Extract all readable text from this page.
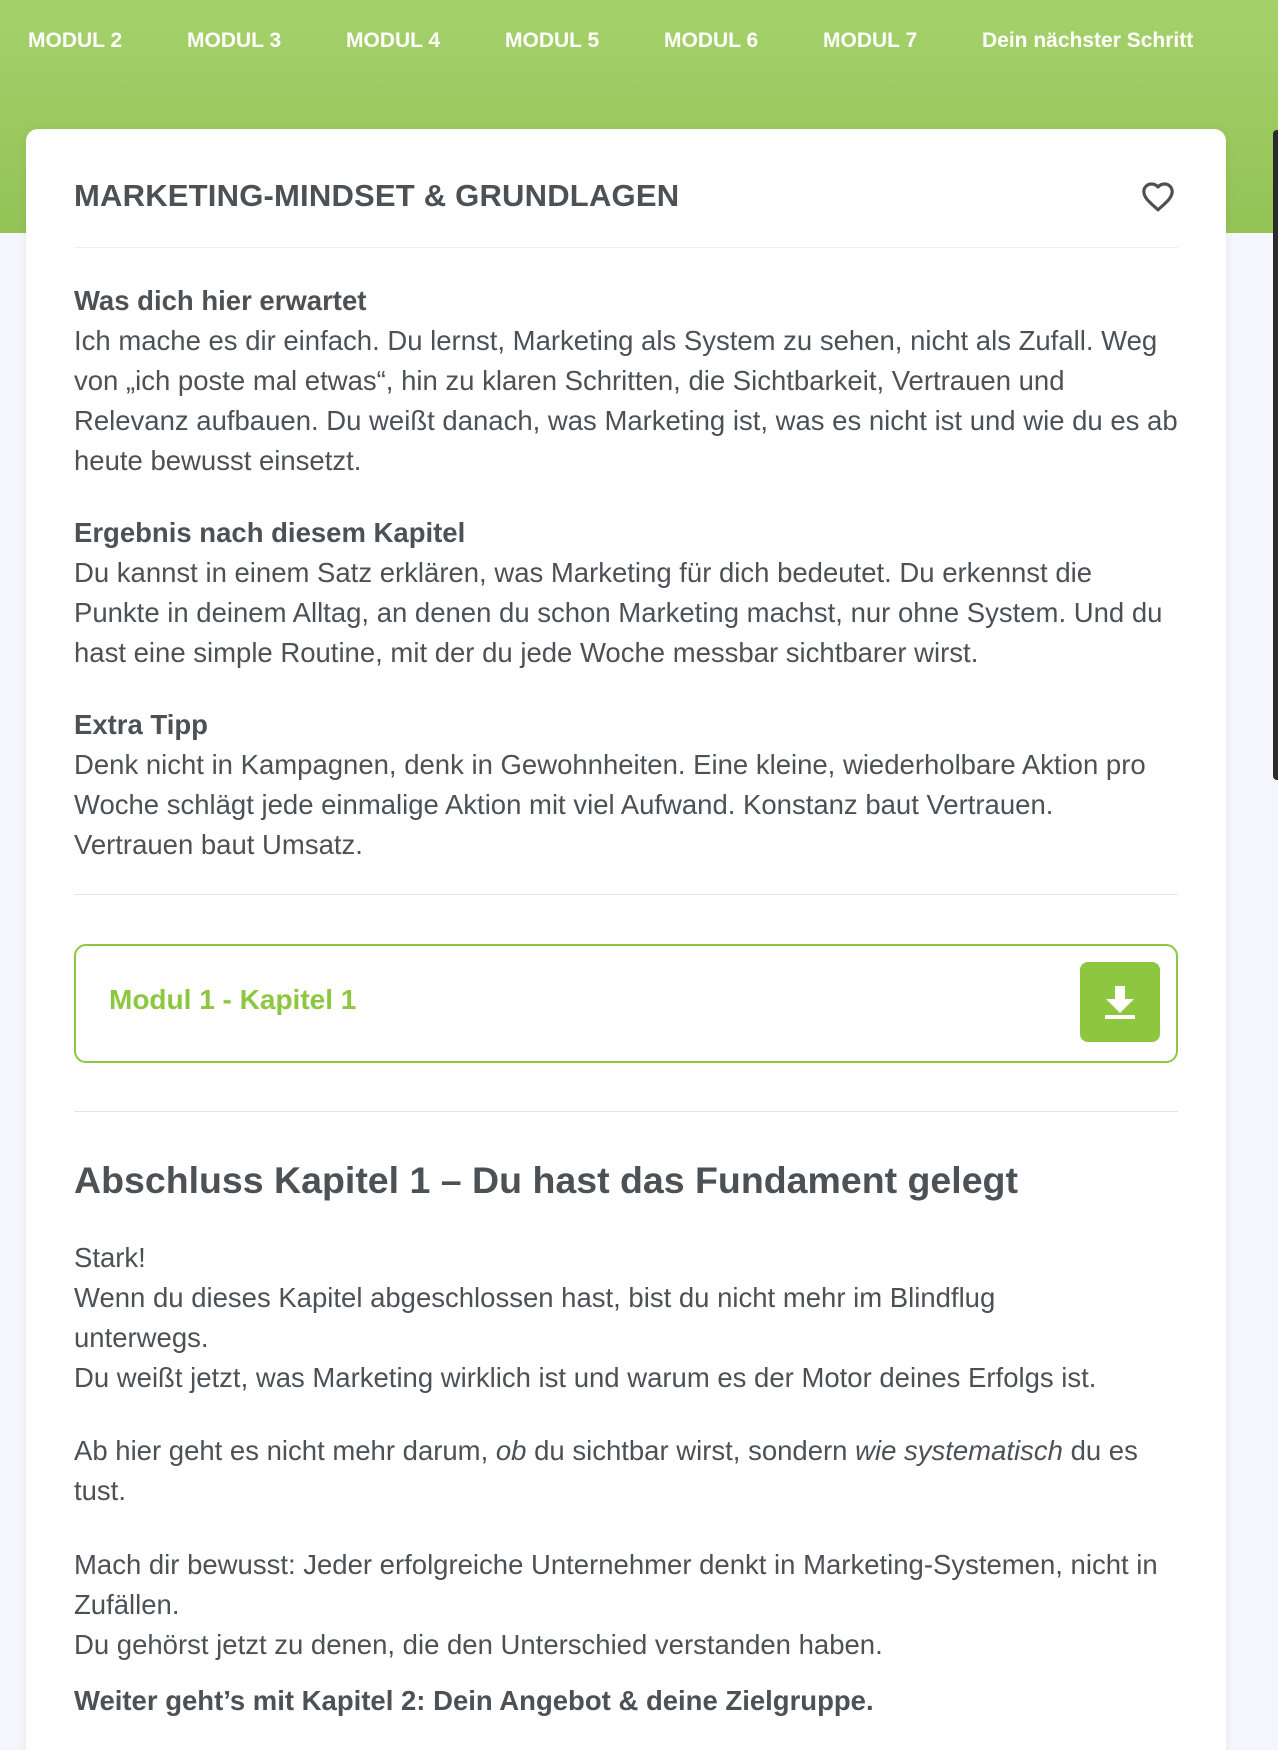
MODUL 2	MODUL 3	MODUL 4	MODUL 5	MODUL 6	MODUL 7	Dein nächster Schritt
MARKETING-MINDSET & GRUNDLAGEN
Was dich hier erwartet

Ich mache es dir einfach. Du lernst, Marketing als System zu sehen, nicht als Zufall. Weg von „ich poste mal etwas“, hin zu klaren Schritten, die Sichtbarkeit, Vertrauen und Relevanz aufbauen. Du weißt danach, was Marketing ist, was es nicht ist und wie du es ab heute bewusst einsetzt.

Ergebnis nach diesem Kapitel

Du kannst in einem Satz erklären, was Marketing für dich bedeutet. Du erkennst die Punkte in deinem Alltag, an denen du schon Marketing machst, nur ohne System. Und du hast eine simple Routine, mit der du jede Woche messbar sichtbarer wirst.

Extra Tipp

Denk nicht in Kampagnen, denk in Gewohnheiten. Eine kleine, wiederholbare Aktion pro Woche schlägt jede einmalige Aktion mit viel Aufwand. Konstanz baut Vertrauen. Vertrauen baut Umsatz.

Modul 1 - Kapitel 1
Abschluss Kapitel 1 – Du hast das Fundament gelegt
Stark!
Wenn du dieses Kapitel abgeschlossen hast, bist du nicht mehr im Blindflug unterwegs.
Du weißt jetzt, was Marketing wirklich ist und warum es der Motor deines Erfolgs ist.
Ab hier geht es nicht mehr darum, ob du sichtbar wirst, sondern wie systematisch du es tust.
Mach dir bewusst: Jeder erfolgreiche Unternehmer denkt in Marketing-Systemen, nicht in Zufällen.
Du gehörst jetzt zu denen, die den Unterschied verstanden haben.
Weiter geht’s mit Kapitel 2: Dein Angebot & deine Zielgruppe.
